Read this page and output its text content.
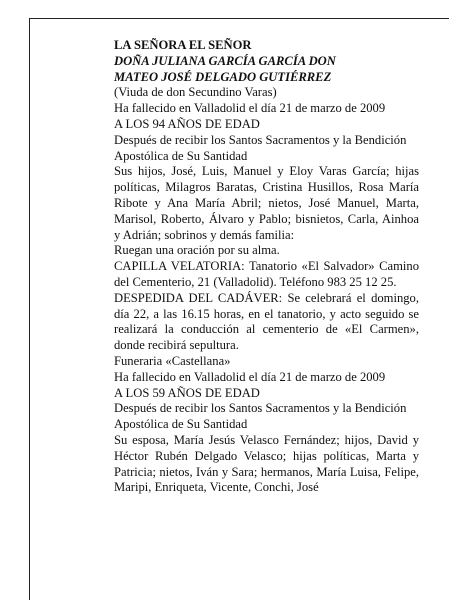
LA SEÑORA EL SEÑOR

DOÑA JULIANA GARCÍA GARCÍA DON

MATEO JOSÉ DELGADO GUTIÉRREZ

(Viuda de don Secundino Varas)

Ha fallecido en Valladolid el día 21 de marzo de 2009

A LOS 94 AÑOS DE EDAD

Después de recibir los Santos Sacramentos y la Bendición Apostólica de Su Santidad

Sus hijos, José, Luis, Manuel y Eloy Varas García; hijas políticas, Milagros Baratas, Cristina Husillos, Rosa María Ribote y Ana María Abril; nietos, José Manuel, Marta, Marisol, Roberto, Álvaro y Pablo; bisnietos, Carla, Ainhoa y Adrián; sobrinos y demás familia:

Ruegan una oración por su alma.

CAPILLA VELATORIA: Tanatorio «El Salvador» Camino del Cementerio, 21 (Valladolid). Teléfono 983 25 12 25.

DESPEDIDA DEL CADÁVER: Se celebrará el domingo, día 22, a las 16.15 horas, en el tanatorio, y acto seguido se realizará la conducción al cementerio de «El Carmen», donde recibirá sepultura.

Funeraria «Castellana»

Ha fallecido en Valladolid el día 21 de marzo de 2009

A LOS 59 AÑOS DE EDAD

Después de recibir los Santos Sacramentos y la Bendición Apostólica de Su Santidad

Su esposa, María Jesús Velasco Fernández; hijos, David y Héctor Rubén Delgado Velasco; hijas políticas, Marta y Patricia; nietos, Iván y Sara; hermanos, María Luisa, Felipe, Maripi, Enriqueta, Vicente, Conchi, José
